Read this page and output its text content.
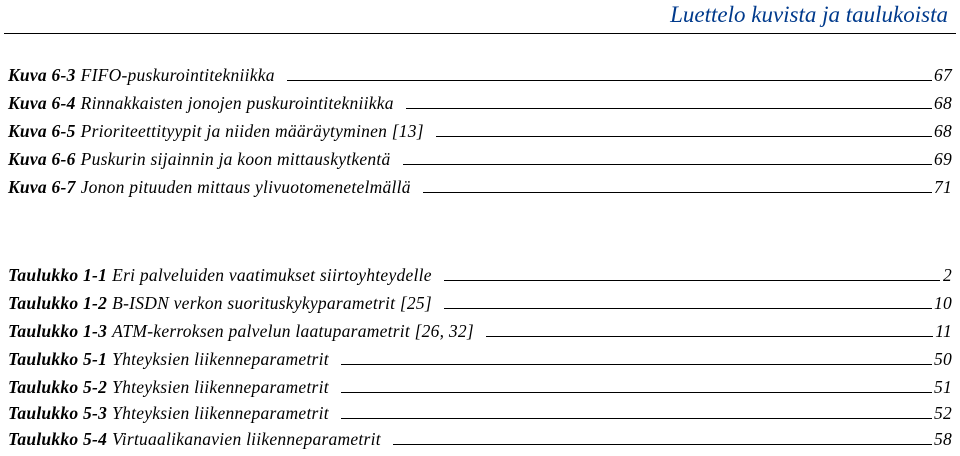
Luettelo kuvista ja taulukoista
Kuva 6-3 FIFO-puskurointitekniikka	67
Kuva 6-4 Rinnakkaisten jonojen puskurointitekniikka	68
Kuva 6-5 Prioriteettityypit ja niiden määräytyminen [13]	68
Kuva 6-6 Puskurin sijainnin ja koon mittauskytkentä	69
Kuva 6-7 Jonon pituuden mittaus ylivuotomenetelmällä	71
Taulukko 1-1 Eri palveluiden vaatimukset siirtoyhteydelle	2
Taulukko 1-2 B-ISDN verkon suorituskykyparametrit [25]	10
Taulukko 1-3 ATM-kerroksen palvelun laatuparametrit [26, 32]	11
Taulukko 5-1 Yhteyksien liikenneparametrit	50
Taulukko 5-2 Yhteyksien liikenneparametrit	51
Taulukko 5-3 Yhteyksien liikenneparametrit	52
Taulukko 5-4 Virtuaalikanavien liikenneparametrit	58
